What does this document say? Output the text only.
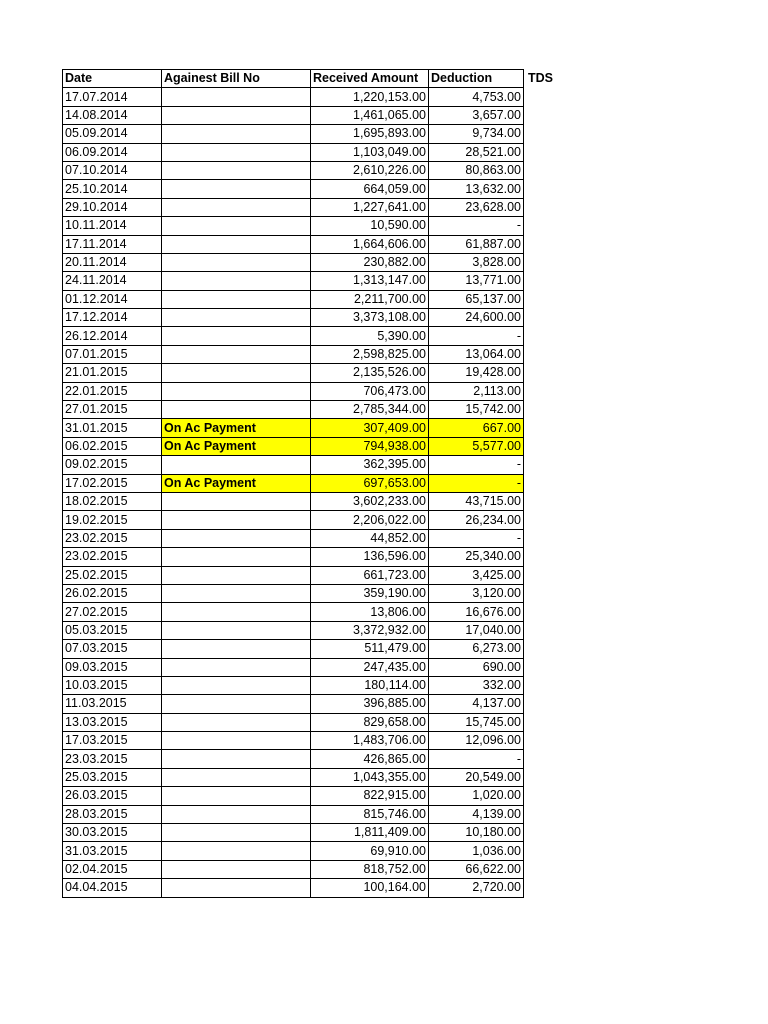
Date	Againest Bill No	Received Amount	Deduction	TDS
17.07.2014		1,220,153.00	4,753.00	
14.08.2014		1,461,065.00	3,657.00	
05.09.2014		1,695,893.00	9,734.00	
06.09.2014		1,103,049.00	28,521.00	
07.10.2014		2,610,226.00	80,863.00	
25.10.2014		664,059.00	13,632.00	
29.10.2014		1,227,641.00	23,628.00	
10.11.2014		10,590.00	-	
17.11.2014		1,664,606.00	61,887.00	
20.11.2014		230,882.00	3,828.00	
24.11.2014		1,313,147.00	13,771.00	
01.12.2014		2,211,700.00	65,137.00	
17.12.2014		3,373,108.00	24,600.00	
26.12.2014		5,390.00	-	
07.01.2015		2,598,825.00	13,064.00	
21.01.2015		2,135,526.00	19,428.00	
22.01.2015		706,473.00	2,113.00	
27.01.2015		2,785,344.00	15,742.00	
31.01.2015	On Ac Payment	307,409.00	667.00	
06.02.2015	On Ac Payment	794,938.00	5,577.00	
09.02.2015		362,395.00	-	
17.02.2015	On Ac Payment	697,653.00	-	
18.02.2015		3,602,233.00	43,715.00	
19.02.2015		2,206,022.00	26,234.00	
23.02.2015		44,852.00	-	
23.02.2015		136,596.00	25,340.00	
25.02.2015		661,723.00	3,425.00	
26.02.2015		359,190.00	3,120.00	
27.02.2015		13,806.00	16,676.00	
05.03.2015		3,372,932.00	17,040.00	
07.03.2015		511,479.00	6,273.00	
09.03.2015		247,435.00	690.00	
10.03.2015		180,114.00	332.00	
11.03.2015		396,885.00	4,137.00	
13.03.2015		829,658.00	15,745.00	
17.03.2015		1,483,706.00	12,096.00	
23.03.2015		426,865.00	-	
25.03.2015		1,043,355.00	20,549.00	
26.03.2015		822,915.00	1,020.00	
28.03.2015		815,746.00	4,139.00	
30.03.2015		1,811,409.00	10,180.00	
31.03.2015		69,910.00	1,036.00	
02.04.2015		818,752.00	66,622.00	
04.04.2015		100,164.00	2,720.00	
